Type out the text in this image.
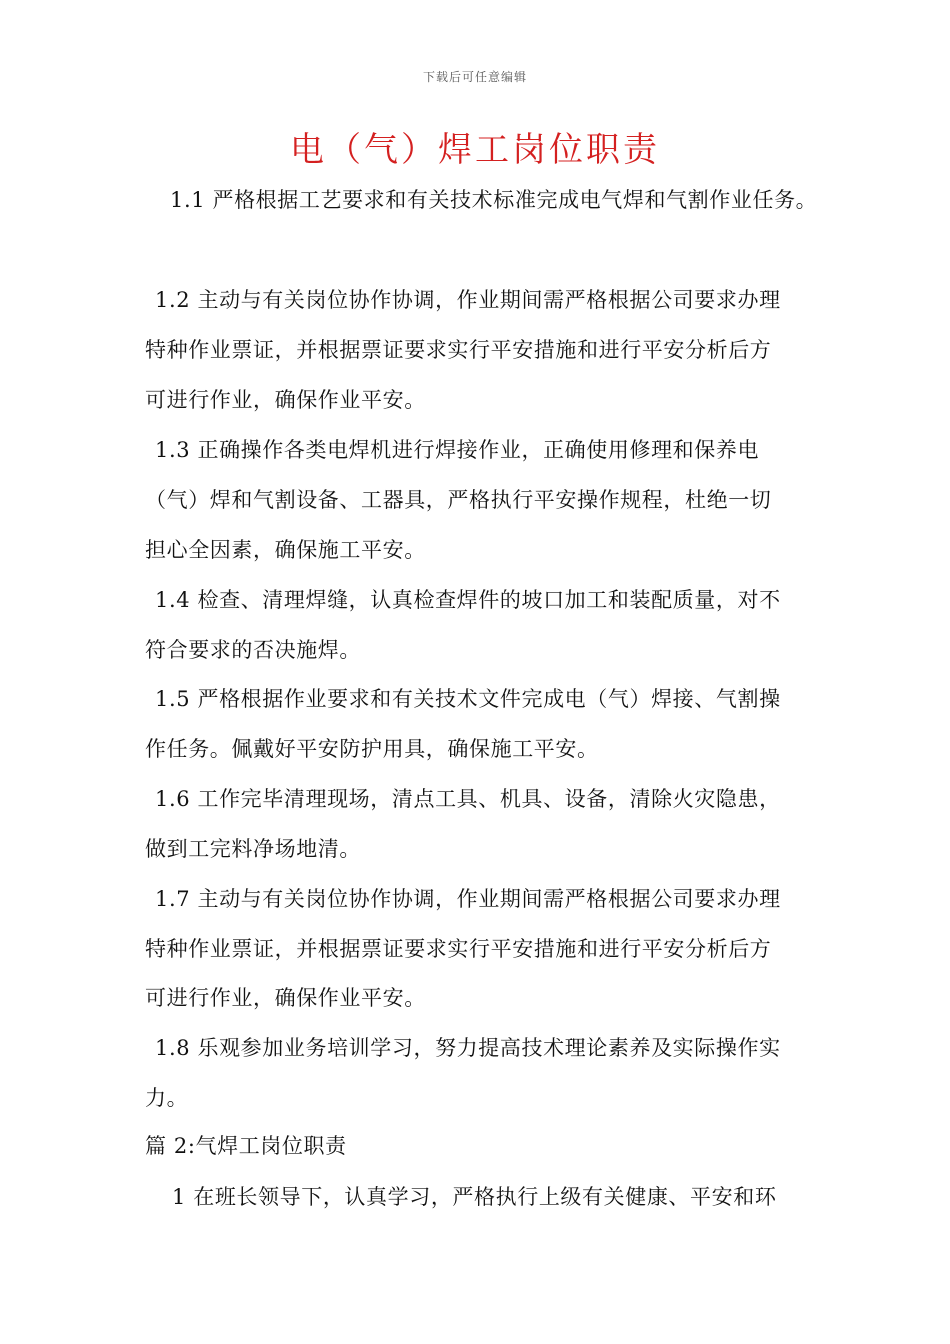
下载后可任意编辑
电（气）焊工岗位职责
1.1 严格根据工艺要求和有关技术标准完成电气焊和气割作业任务。
1.2 主动与有关岗位协作协调，作业期间需严格根据公司要求办理
特种作业票证，并根据票证要求实行平安措施和进行平安分析后方
可进行作业，确保作业平安。
1.3 正确操作各类电焊机进行焊接作业，正确使用修理和保养电
（气）焊和气割设备、工器具，严格执行平安操作规程，杜绝一切
担心全因素，确保施工平安。
1.4 检查、清理焊缝，认真检查焊件的坡口加工和装配质量，对不
符合要求的否决施焊。
1.5 严格根据作业要求和有关技术文件完成电（气）焊接、气割操
作任务。佩戴好平安防护用具，确保施工平安。
1.6 工作完毕清理现场，清点工具、机具、设备，清除火灾隐患，
做到工完料净场地清。
1.7 主动与有关岗位协作协调，作业期间需严格根据公司要求办理
特种作业票证，并根据票证要求实行平安措施和进行平安分析后方
可进行作业，确保作业平安。
1.8 乐观参加业务培训学习，努力提高技术理论素养及实际操作实
力。
篇 2:气焊工岗位职责
1 在班长领导下，认真学习，严格执行上级有关健康、平安和环
